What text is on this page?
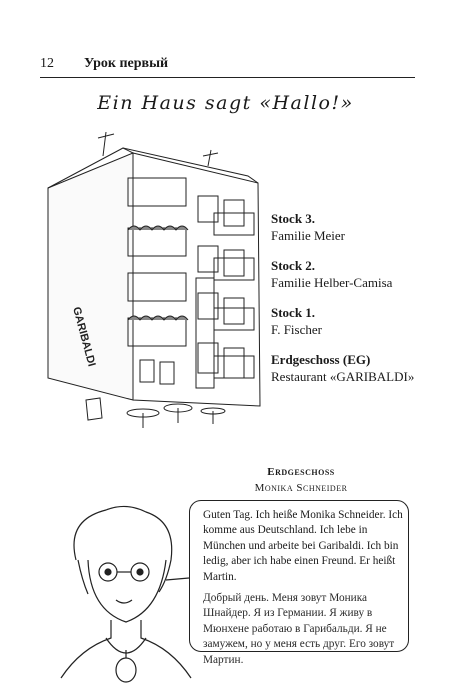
12 Урок первый
Ein Haus sagt «Hallo!»
GARIBALDI
Stock 3.
Familie Meier
Stock 2.
Familie Helber-Camisa
Stock 1.
F. Fischer
Erdgeschoss (EG)
Restaurant «GARIBALDI»
Erdgeschoss
Monika Schneider

Guten Tag. Ich heiße Monika Schneider. Ich komme aus Deutschland. Ich lebe in München und arbeite bei Garibaldi. Ich bin ledig, aber ich habe einen Freund. Er heißt Martin.

Добрый день. Меня зовут Моника Шнайдер. Я из Германии. Я живу в Мюнхене работаю в Гарибальди. Я не замужем, но у меня есть друг. Его зовут Мартин.
